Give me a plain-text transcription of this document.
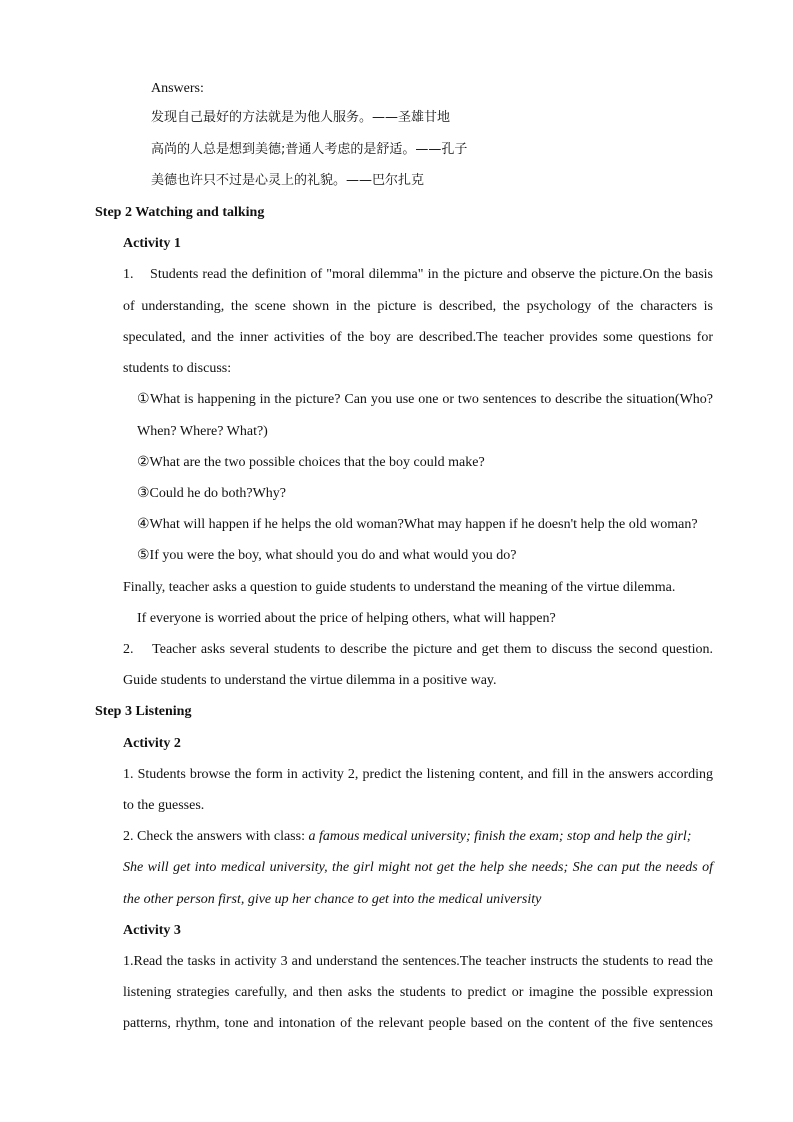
Answers:
发现自己最好的方法就是为他人服务。——圣雄甘地
高尚的人总是想到美德;普通人考虑的是舒适。——孔子
美德也许只不过是心灵上的礼貌。——巴尔扎克
Step 2 Watching and talking
Activity 1
1.    Students read the definition of "moral dilemma" in the picture and observe the picture.On the basis
of understanding, the scene shown in the picture is described, the psychology of the characters is
speculated, and the inner activities of the boy are described.The teacher provides some questions for
students to discuss:
①What is happening in the picture? Can you use one or two sentences to describe the situation(Who?
When? Where? What?)
②What are the two possible choices that the boy could make?
③Could he do both?Why?
④What will happen if he helps the old woman?What may happen if he doesn't help the old woman?
⑤If you were the boy, what should you do and what would you do?
Finally, teacher asks a question to guide students to understand the meaning of the virtue dilemma.
If everyone is worried about the price of helping others, what will happen?
2.    Teacher asks several students to describe the picture and get them to discuss the second question.
Guide students to understand the virtue dilemma in a positive way.
Step 3 Listening
Activity 2
1. Students browse the form in activity 2, predict the listening content, and fill in the answers according
to the guesses.
2. Check the answers with class: a famous medical university; finish the exam; stop and help the girl;
She will get into medical university, the girl might not get the help she needs; She can put the needs of
the other person first, give up her chance to get into the medical university
Activity 3
1.Read the tasks in activity 3 and understand the sentences.The teacher instructs the students to read the
listening strategies carefully, and then asks the students to predict or imagine the possible expression
patterns, rhythm, tone and intonation of the relevant people based on the content of the five sentences
